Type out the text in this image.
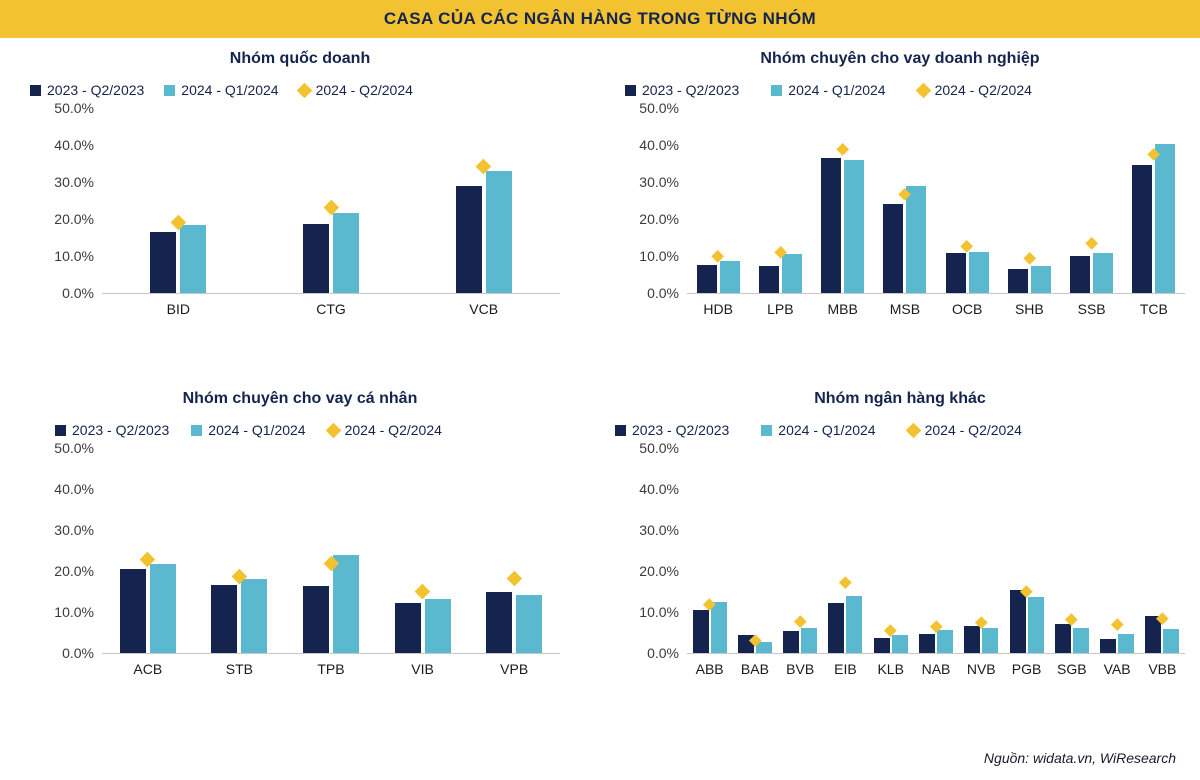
CASA CỦA CÁC NGÂN HÀNG TRONG TỪNG NHÓM
Nhóm quốc doanh
2023 - Q2/2023	2024 - Q1/2024	2024 - Q2/2024
50.0%
40.0%
30.0%
20.0%
10.0%
0.0%
BID	CTG	VCB
Nhóm chuyên cho vay doanh nghiệp
2023 - Q2/2023	2024 - Q1/2024	2024 - Q2/2024
50.0%
40.0%
30.0%
20.0%
10.0%
0.0%
HDB	LPB	MBB	MSB	OCB	SHB	SSB	TCB
Nhóm chuyên cho vay cá nhân
2023 - Q2/2023	2024 - Q1/2024	2024 - Q2/2024
50.0%
40.0%
30.0%
20.0%
10.0%
0.0%
ACB	STB	TPB	VIB	VPB
Nhóm ngân hàng khác
2023 - Q2/2023	2024 - Q1/2024	2024 - Q2/2024
50.0%
40.0%
30.0%
20.0%
10.0%
0.0%
ABB	BAB	BVB	EIB	KLB	NAB	NVB	PGB	SGB	VAB	VBB
Nguồn: widata.vn, WiResearch
